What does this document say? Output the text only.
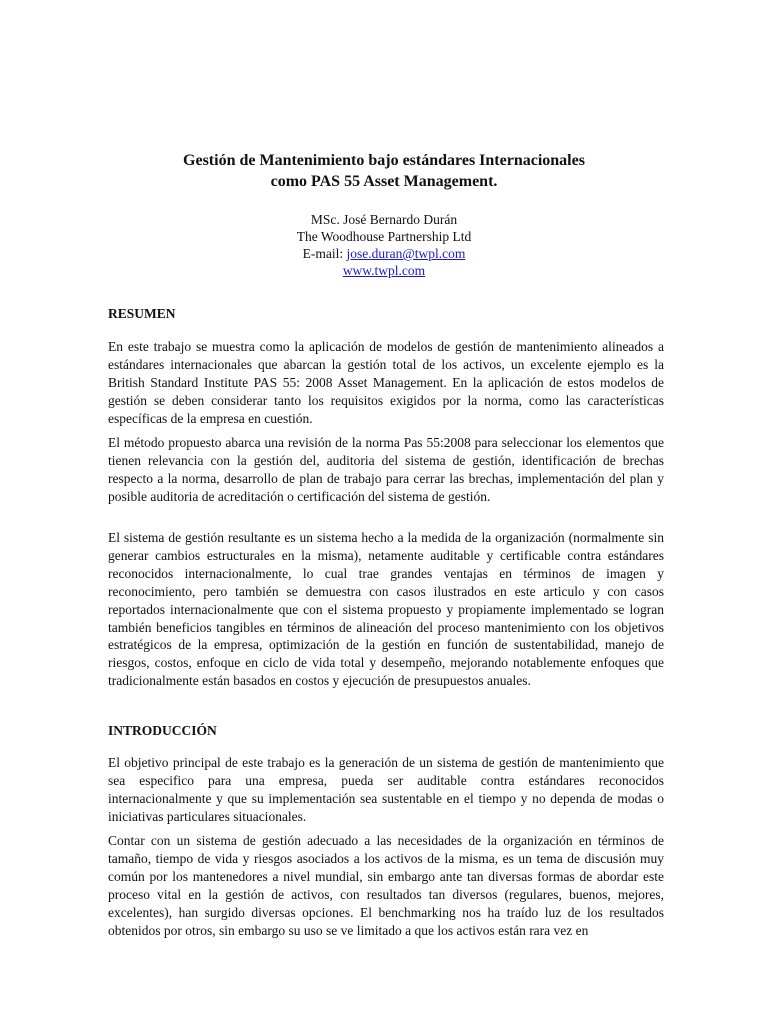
Gestión de Mantenimiento bajo estándares Internacionales
como PAS 55 Asset Management.
MSc. José Bernardo Durán
The Woodhouse Partnership Ltd
E-mail: jose.duran@twpl.com
www.twpl.com
RESUMEN

En este trabajo se muestra como la aplicación de modelos de gestión de mantenimiento alineados a estándares internacionales que abarcan la gestión total de los activos, un excelente ejemplo es la British Standard Institute PAS 55: 2008 Asset Management. En la aplicación de estos modelos de gestión se deben considerar tanto los requisitos exigidos por la norma, como las características específicas de la empresa en cuestión.

El método propuesto abarca una revisión de la norma Pas 55:2008 para seleccionar los elementos que tienen relevancia con la gestión del, auditoria del sistema de gestión, identificación de brechas respecto a la norma, desarrollo de plan de trabajo para cerrar las brechas, implementación del plan y posible auditoria de acreditación o certificación del sistema de gestión.

El sistema de gestión resultante es un sistema hecho a la medida de la organización (normalmente sin generar cambios estructurales en la misma), netamente auditable y certificable contra estándares reconocidos internacionalmente, lo cual trae grandes ventajas en términos de imagen y reconocimiento, pero también se demuestra con casos ilustrados en este articulo y con casos reportados internacionalmente que con el sistema propuesto y propiamente implementado se logran también beneficios tangibles en términos de alineación del proceso mantenimiento con los objetivos estratégicos de la empresa, optimización de la gestión en función de sustentabilidad, manejo de riesgos, costos, enfoque en ciclo de vida total y desempeño, mejorando notablemente enfoques que tradicionalmente están basados en costos y ejecución de presupuestos anuales.

INTRODUCCIÓN

El objetivo principal de este trabajo es la generación de un sistema de gestión de mantenimiento que sea especifico para una empresa, pueda ser auditable contra estándares reconocidos internacionalmente y que su implementación sea sustentable en el tiempo y no dependa de modas o iniciativas particulares situacionales.

Contar con un sistema de gestión adecuado a las necesidades de la organización en términos de tamaño, tiempo de vida y riesgos asociados a los activos de la misma, es un tema de discusión muy común por los mantenedores a nivel mundial, sin embargo ante tan diversas formas de abordar este proceso vital en la gestión de activos, con resultados tan diversos (regulares, buenos, mejores, excelentes), han surgido diversas opciones. El benchmarking nos ha traído luz de los resultados obtenidos por otros, sin embargo su uso se ve limitado a que los activos están rara vez en
